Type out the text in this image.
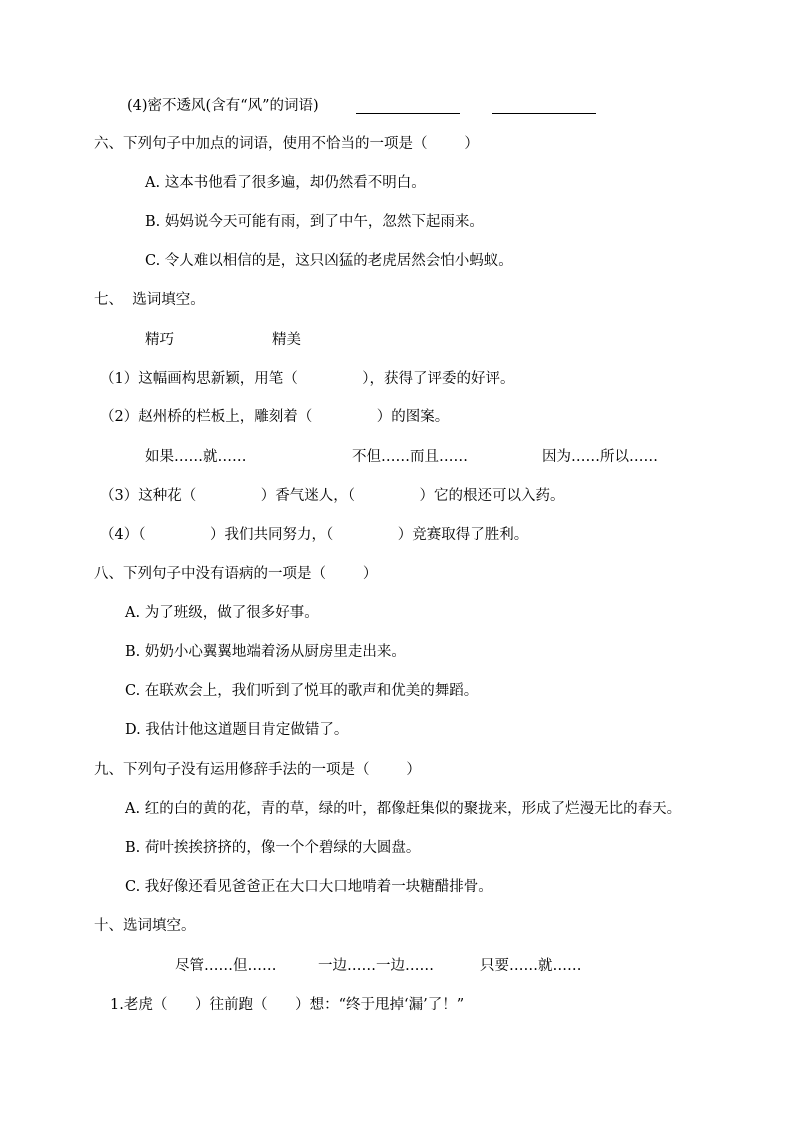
(4)密不透风(含有“风”的词语)
六、下列句子中加点的词语，使用不恰当的一项是（        ）
A. 这本书他看了很多遍，却仍然看不明白。
B. 妈妈说今天可能有雨，到了中午，忽然下起雨来。
C. 令人难以相信的是，这只凶猛的老虎居然会怕小蚂蚁。
七、  选词填空。
精巧	精美
（1）这幅画构思新颖，用笔（              ），获得了评委的好评。
（2）赵州桥的栏板上，雕刻着（              ）的图案。
如果……就……	不但……而且……	因为……所以……
（3）这种花（              ）香气迷人，（              ）它的根还可以入药。
（4）（              ）我们共同努力，（              ）竞赛取得了胜利。
八、下列句子中没有语病的一项是（        ）
A. 为了班级，做了很多好事。
B. 奶奶小心翼翼地端着汤从厨房里走出来。
C. 在联欢会上，我们听到了悦耳的歌声和优美的舞蹈。
D. 我估计他这道题目肯定做错了。
九、下列句子没有运用修辞手法的一项是（        ）
A. 红的白的黄的花，青的草，绿的叶，都像赶集似的聚拢来，形成了烂漫无比的春天。
B. 荷叶挨挨挤挤的，像一个个碧绿的大圆盘。
C. 我好像还看见爸爸正在大口大口地啃着一块糖醋排骨。
十、选词填空。
尽管……但……	一边……一边……	只要……就……
1.老虎（      ）往前跑（      ）想：“终于甩掉‘漏’了！”
